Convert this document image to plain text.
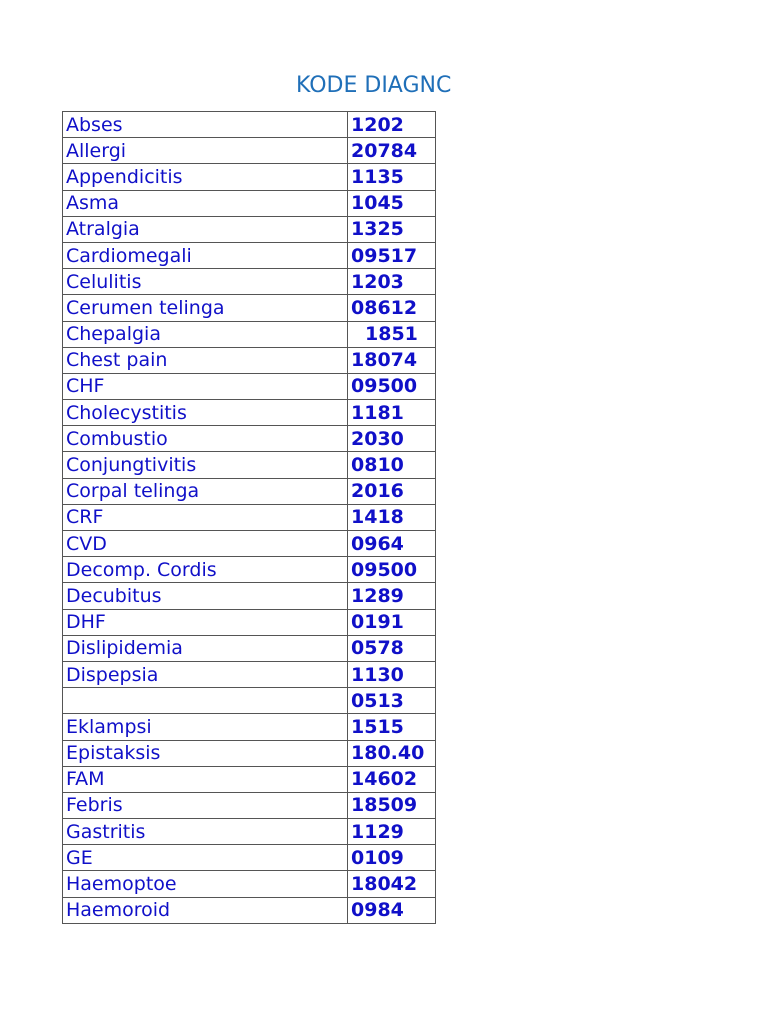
KODE DIAGNC
Abses	1202
Allergi	20784
Appendicitis	1135
Asma	1045
Atralgia	1325
Cardiomegali	09517
Celulitis	1203
Cerumen telinga	08612
Chepalgia	1851
Chest pain	18074
CHF	09500
Cholecystitis	1181
Combustio	2030
Conjungtivitis	0810
Corpal telinga	2016
CRF	1418
CVD	0964
Decomp. Cordis	09500
Decubitus	1289
DHF	0191
Dislipidemia	0578
Dispepsia	1130
	0513
Eklampsi	1515
Epistaksis	180.40
FAM	14602
Febris	18509
Gastritis	1129
GE	0109
Haemoptoe	18042
Haemoroid	0984
